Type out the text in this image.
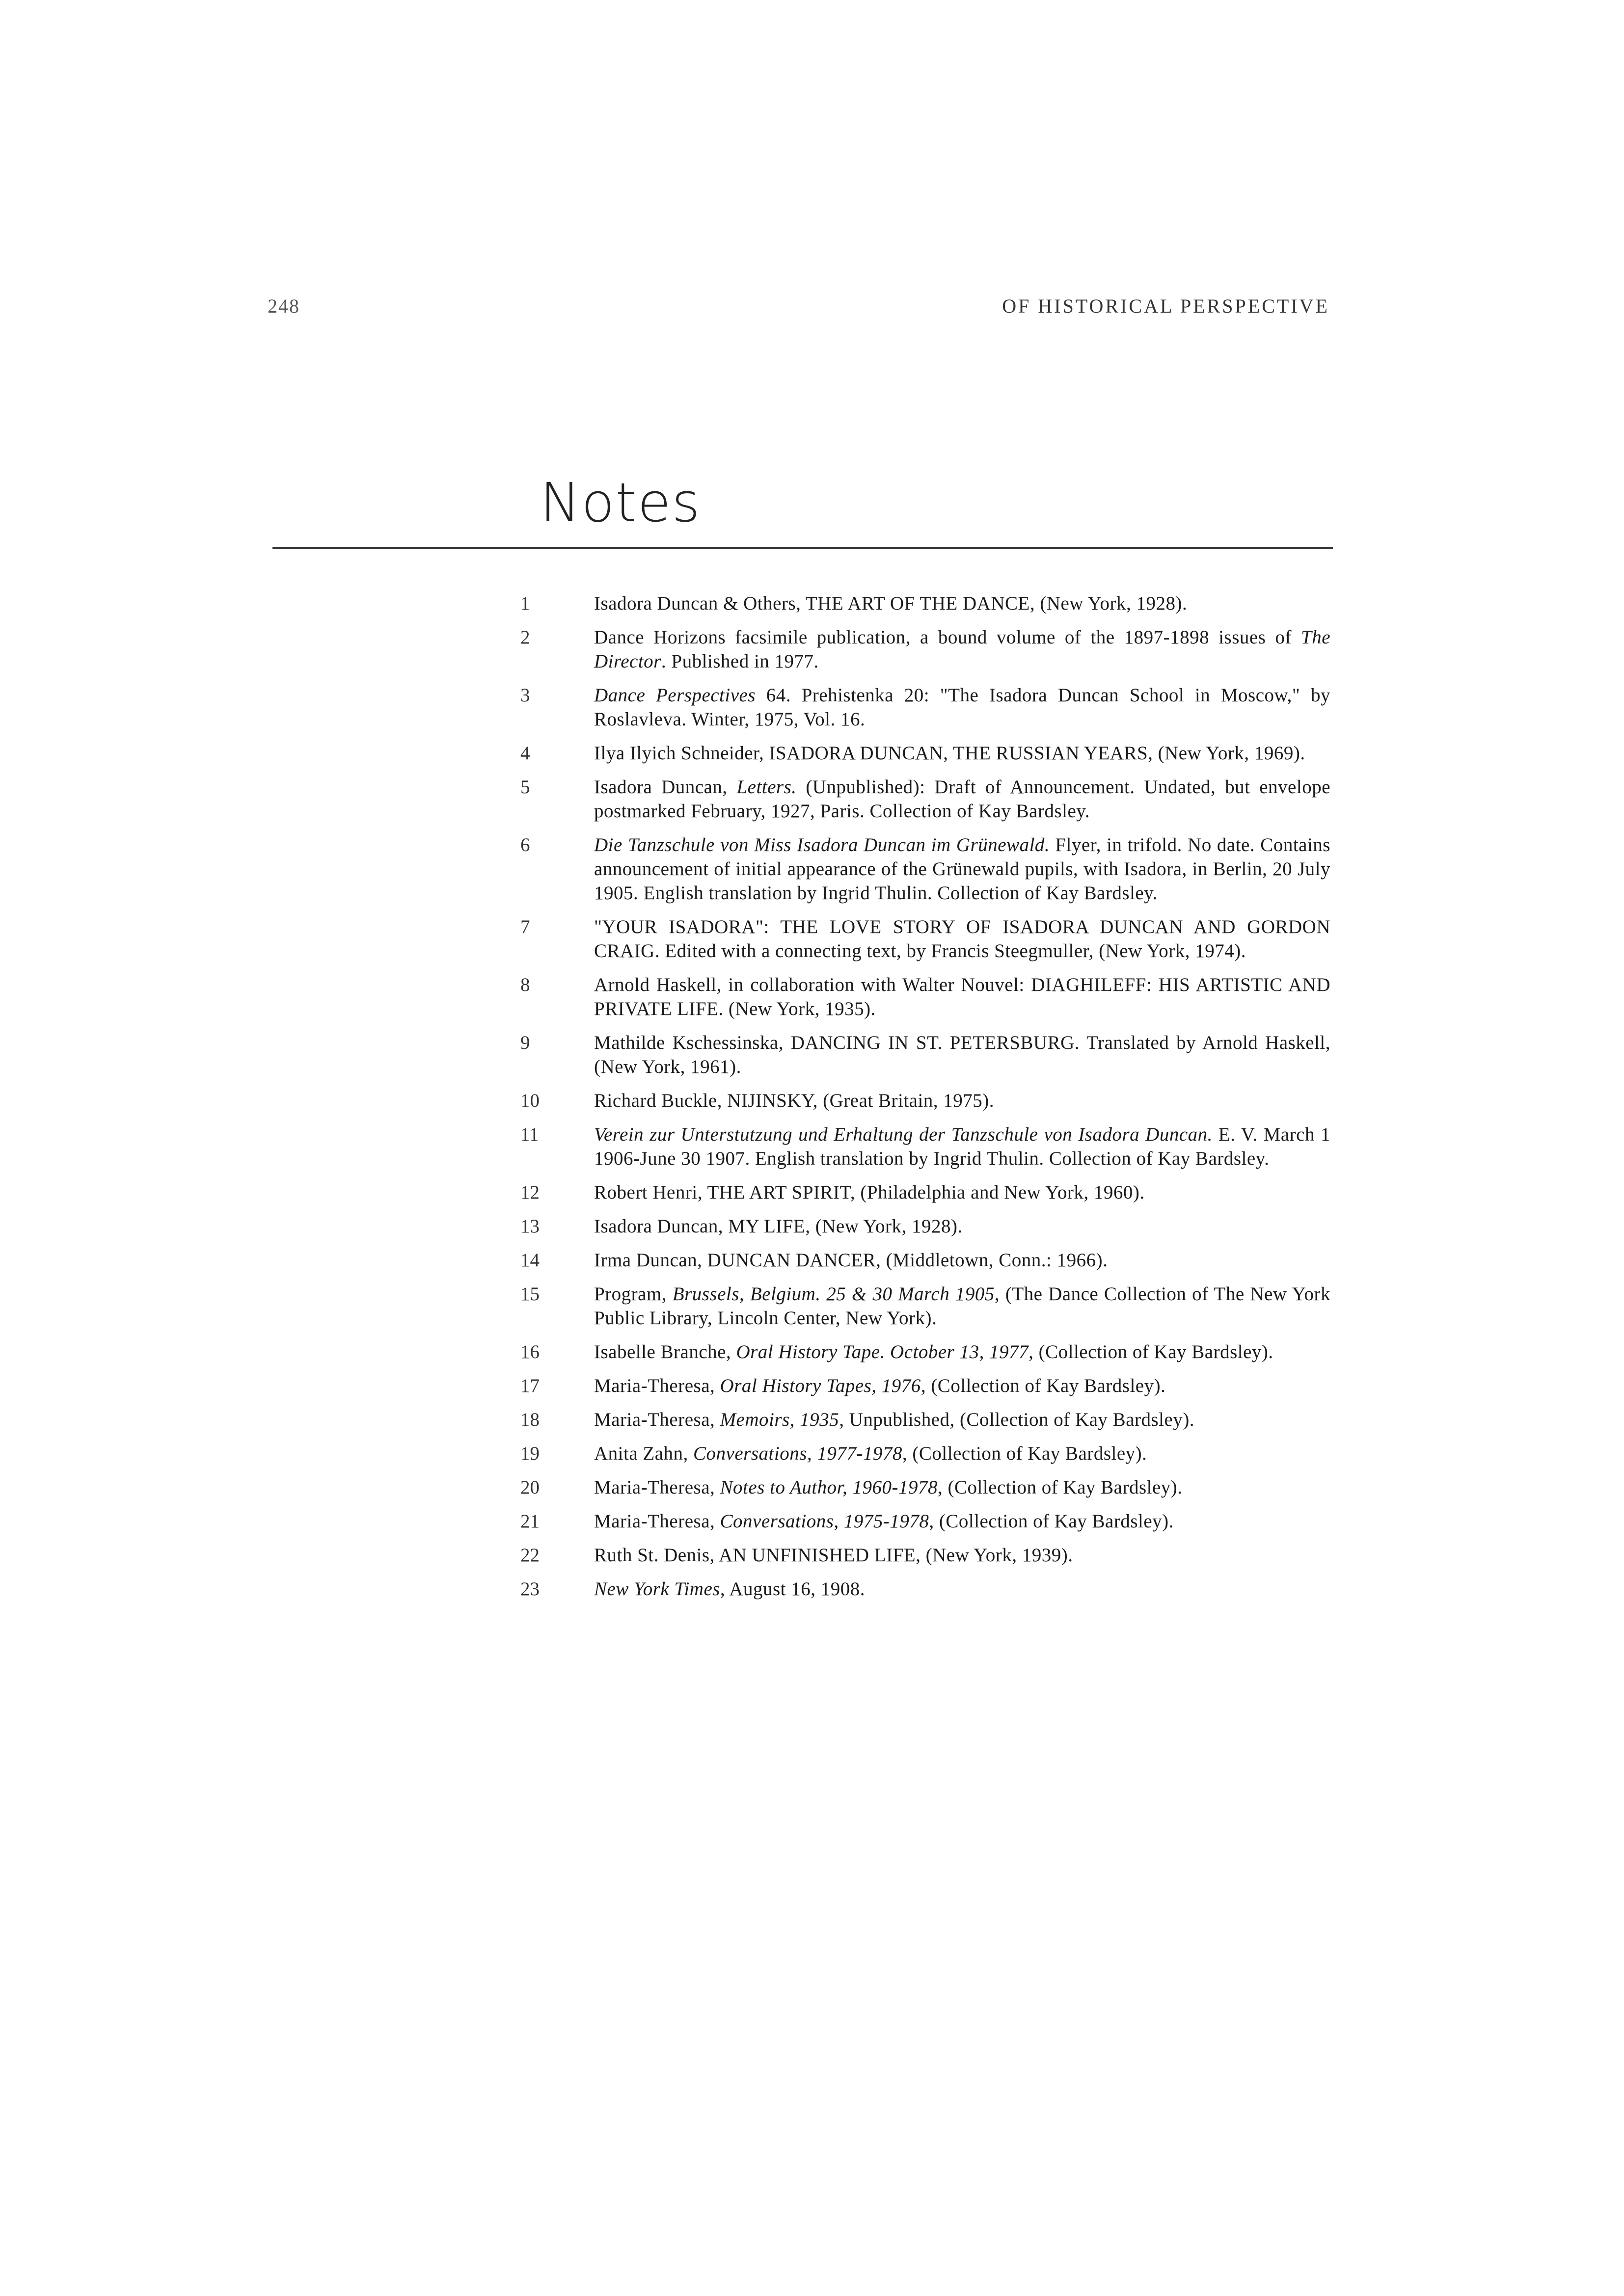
248	OF HISTORICAL PERSPECTIVE
Notes
1	Isadora Duncan & Others, THE ART OF THE DANCE, (New York, 1928).
2	Dance Horizons facsimile publication, a bound volume of the 1897-1898 issues of The Director. Published in 1977.
3	Dance Perspectives 64. Prehistenka 20: "The Isadora Duncan School in Moscow," by Roslavleva. Winter, 1975, Vol. 16.
4	Ilya Ilyich Schneider, ISADORA DUNCAN, THE RUSSIAN YEARS, (New York, 1969).
5	Isadora Duncan, Letters. (Unpublished): Draft of Announcement. Undated, but envelope postmarked February, 1927, Paris. Collection of Kay Bardsley.
6	Die Tanzschule von Miss Isadora Duncan im Grünewald. Flyer, in trifold. No date. Contains announcement of initial appearance of the Grünewald pupils, with Isadora, in Berlin, 20 July 1905. English translation by Ingrid Thulin. Collection of Kay Bardsley.
7	"YOUR ISADORA": THE LOVE STORY OF ISADORA DUNCAN AND GORDON CRAIG. Edited with a connecting text, by Francis Steegmuller, (New York, 1974).
8	Arnold Haskell, in collaboration with Walter Nouvel: DIAGHILEFF: HIS ARTISTIC AND PRIVATE LIFE. (New York, 1935).
9	Mathilde Kschessinska, DANCING IN ST. PETERSBURG. Translated by Arnold Haskell, (New York, 1961).
10	Richard Buckle, NIJINSKY, (Great Britain, 1975).
11	Verein zur Unterstutzung und Erhaltung der Tanzschule von Isadora Duncan. E. V. March 1 1906-June 30 1907. English translation by Ingrid Thulin. Collection of Kay Bardsley.
12	Robert Henri, THE ART SPIRIT, (Philadelphia and New York, 1960).
13	Isadora Duncan, MY LIFE, (New York, 1928).
14	Irma Duncan, DUNCAN DANCER, (Middletown, Conn.: 1966).
15	Program, Brussels, Belgium. 25 & 30 March 1905, (The Dance Collection of The New York Public Library, Lincoln Center, New York).
16	Isabelle Branche, Oral History Tape. October 13, 1977, (Collection of Kay Bardsley).
17	Maria-Theresa, Oral History Tapes, 1976, (Collection of Kay Bardsley).
18	Maria-Theresa, Memoirs, 1935, Unpublished, (Collection of Kay Bardsley).
19	Anita Zahn, Conversations, 1977-1978, (Collection of Kay Bardsley).
20	Maria-Theresa, Notes to Author, 1960-1978, (Collection of Kay Bardsley).
21	Maria-Theresa, Conversations, 1975-1978, (Collection of Kay Bardsley).
22	Ruth St. Denis, AN UNFINISHED LIFE, (New York, 1939).
23	New York Times, August 16, 1908.
